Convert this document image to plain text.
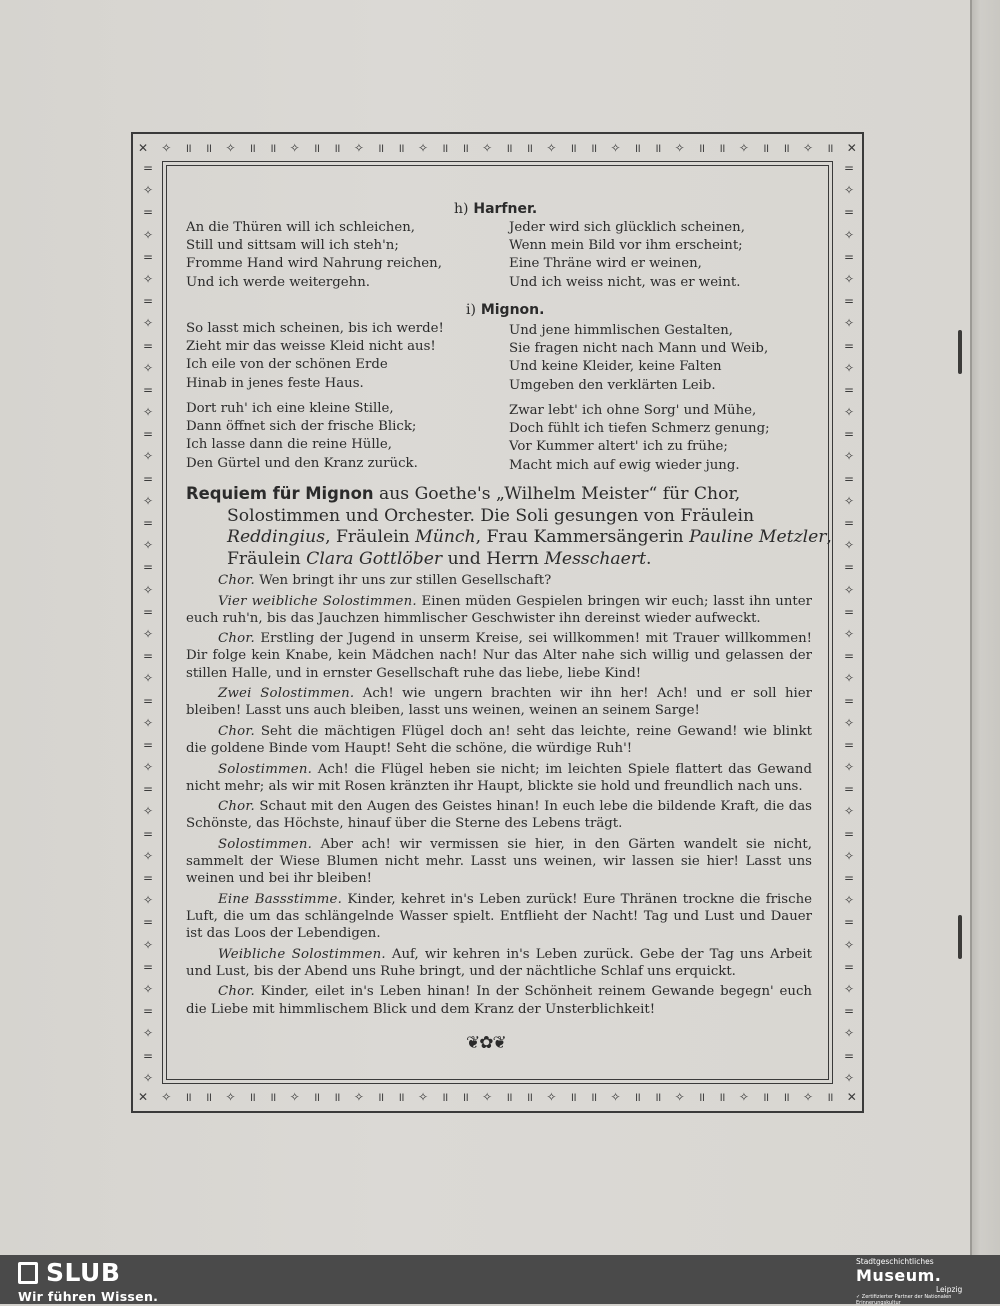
✕ ✧ ॥ ॥ ✧ ॥ ॥ ✧ ॥ ॥ ✧ ॥ ॥ ✧ ॥ ॥ ✧ ॥ ॥ ✧ ॥ ॥ ✧ ॥ ॥ ✧ ॥ ॥ ✧ ॥ ॥ ✧ ॥ ✕
✕ ✧ ॥ ॥ ✧ ॥ ॥ ✧ ॥ ॥ ✧ ॥ ॥ ✧ ॥ ॥ ✧ ॥ ॥ ✧ ॥ ॥ ✧ ॥ ॥ ✧ ॥ ॥ ✧ ॥ ॥ ✧ ॥ ✕
=
✧
=
✧
=
✧
=
✧
=
✧
=
✧
=
✧
=
✧
=
✧
=
✧
=
✧
=
✧
=
✧
=
✧
=
✧
=
✧
=
✧
=
✧
=
✧
=
✧
=
✧
=
✧
=
✧
=
✧
=
✧
=
✧
=
✧
=
✧
=
✧
=
✧
=
✧
=
✧
=
✧
=
✧
=
✧
=
✧
=
✧
=
✧
=
✧
=
✧
=
✧
=
✧
h) Harfner.
An die Thüren will ich schleichen,
Still und sittsam will ich steh'n;
Fromme Hand wird Nahrung reichen,
Und ich werde weitergehn.
Jeder wird sich glücklich scheinen,
Wenn mein Bild vor ihm erscheint;
Eine Thräne wird er weinen,
Und ich weiss nicht, was er weint.
i) Mignon.
So lasst mich scheinen, bis ich werde!
Zieht mir das weisse Kleid nicht aus!
Ich eile von der schönen Erde
Hinab in jenes feste Haus.
Und jene himmlischen Gestalten,
Sie fragen nicht nach Mann und Weib,
Und keine Kleider, keine Falten
Umgeben den verklärten Leib.
Dort ruh' ich eine kleine Stille,
Dann öffnet sich der frische Blick;
Ich lasse dann die reine Hülle,
Den Gürtel und den Kranz zurück.
Zwar lebt' ich ohne Sorg' und Mühe,
Doch fühlt ich tiefen Schmerz genung;
Vor Kummer altert' ich zu frühe;
Macht mich auf ewig wieder jung.
Requiem für Mignon aus Goethe's „Wilhelm Meister“ für Chor,
Solostimmen und Orchester. Die Soli gesungen von Fräulein
Reddingius, Fräulein Münch, Frau Kammersängerin Pauline Metzler,
Fräulein Clara Gottlöber und Herrn Messchaert.

Chor. Wen bringt ihr uns zur stillen Gesellschaft?

Vier weibliche Solostimmen. Einen müden Gespielen bringen wir euch; lasst ihn unter euch ruh'n, bis das Jauchzen himmlischer Geschwister ihn dereinst wieder aufweckt.

Chor. Erstling der Jugend in unserm Kreise, sei willkommen! mit Trauer willkommen! Dir folge kein Knabe, kein Mädchen nach! Nur das Alter nahe sich willig und gelassen der stillen Halle, und in ernster Gesellschaft ruhe das liebe, liebe Kind!

Zwei Solostimmen. Ach! wie ungern brachten wir ihn her! Ach! und er soll hier bleiben! Lasst uns auch bleiben, lasst uns weinen, weinen an seinem Sarge!

Chor. Seht die mächtigen Flügel doch an! seht das leichte, reine Gewand! wie blinkt die goldene Binde vom Haupt! Seht die schöne, die würdige Ruh'!

Solostimmen. Ach! die Flügel heben sie nicht; im leichten Spiele flattert das Gewand nicht mehr; als wir mit Rosen kränzten ihr Haupt, blickte sie hold und freundlich nach uns.

Chor. Schaut mit den Augen des Geistes hinan! In euch lebe die bildende Kraft, die das Schönste, das Höchste, hinauf über die Sterne des Lebens trägt.

Solostimmen. Aber ach! wir vermissen sie hier, in den Gärten wandelt sie nicht, sammelt der Wiese Blumen nicht mehr. Lasst uns weinen, wir lassen sie hier! Lasst uns weinen und bei ihr bleiben!

Eine Bassstimme. Kinder, kehret in's Leben zurück! Eure Thränen trockne die frische Luft, die um das schlängelnde Wasser spielt. Entflieht der Nacht! Tag und Lust und Dauer ist das Loos der Lebendigen.

Weibliche Solostimmen. Auf, wir kehren in's Leben zurück. Gebe der Tag uns Arbeit und Lust, bis der Abend uns Ruhe bringt, und der nächtliche Schlaf uns erquickt.

Chor. Kinder, eilet in's Leben hinan! In der Schönheit reinem Gewande begegn' euch die Liebe mit himmlischem Blick und dem Kranz der Unsterblichkeit!

❦✿❦
SLUB
Wir führen Wissen.
Stadtgeschichtliches
Museum.
Leipzig
✓ Zertifizierter Partner der Nationalen Erinnerungskultur
